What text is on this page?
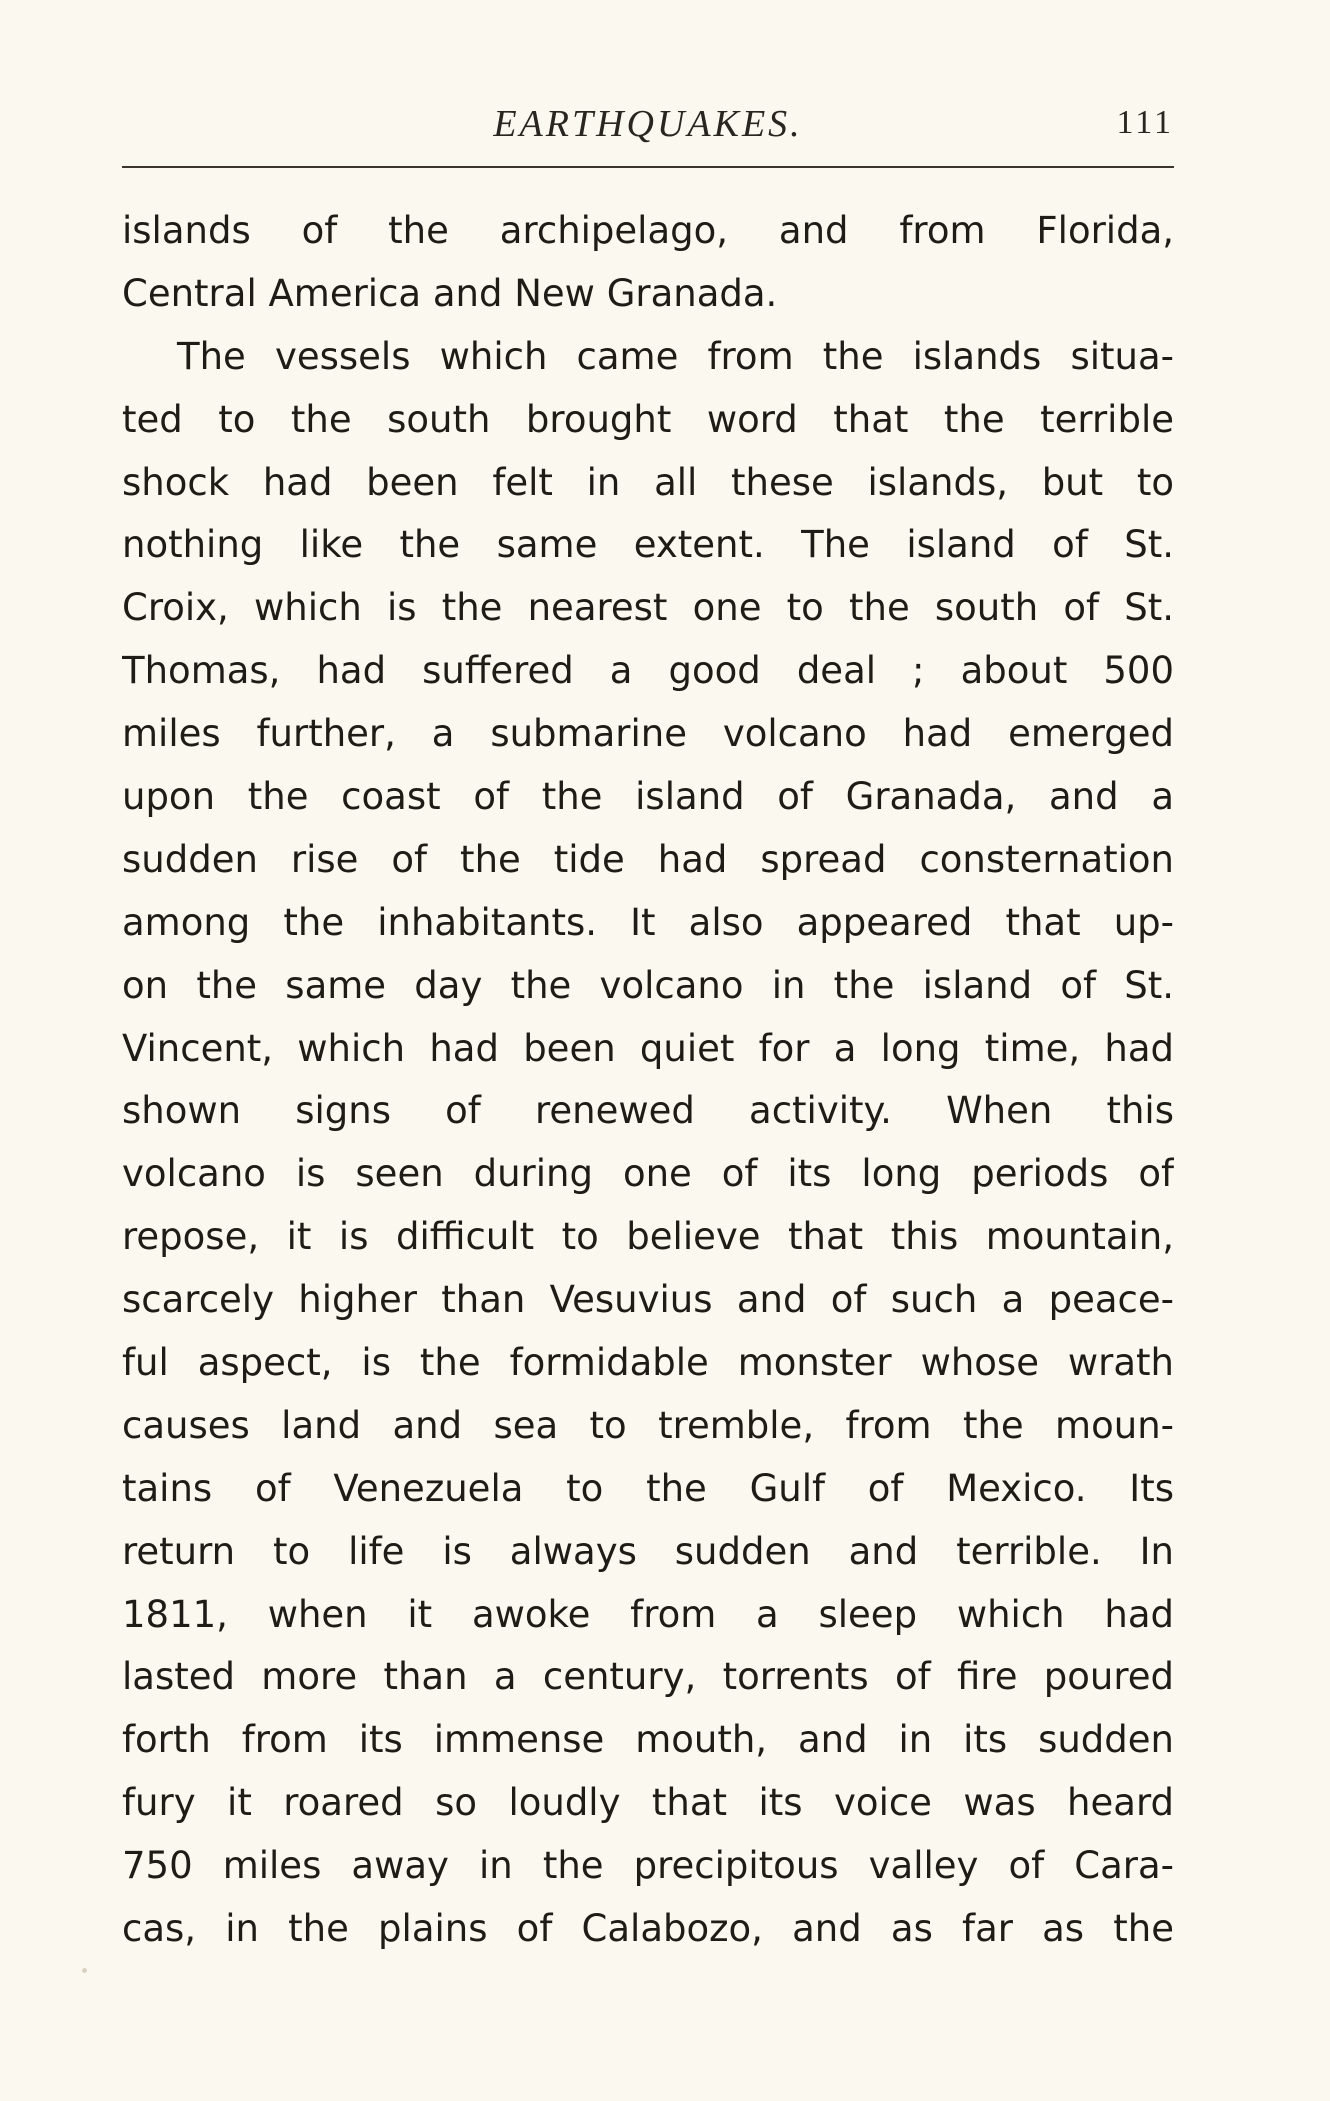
EARTHQUAKES.	111
islands of the archipelago, and from Florida,
Central America and New Granada.
The vessels which came from the islands situa-
ted to the south brought word that the terrible
shock had been felt in all these islands, but to
nothing like the same extent. The island of St.
Croix, which is the nearest one to the south of St.
Thomas, had suffered a good deal ; about 500
miles further, a submarine volcano had emerged
upon the coast of the island of Granada, and a
sudden rise of the tide had spread consternation
among the inhabitants. It also appeared that up-
on the same day the volcano in the island of St.
Vincent, which had been quiet for a long time, had
shown signs of renewed activity. When this
volcano is seen during one of its long periods of
repose, it is difficult to believe that this mountain,
scarcely higher than Vesuvius and of such a peace-
ful aspect, is the formidable monster whose wrath
causes land and sea to tremble, from the moun-
tains of Venezuela to the Gulf of Mexico. Its
return to life is always sudden and terrible. In
1811, when it awoke from a sleep which had
lasted more than a century, torrents of fire poured
forth from its immense mouth, and in its sudden
fury it roared so loudly that its voice was heard
750 miles away in the precipitous valley of Cara-
cas, in the plains of Calabozo, and as far as the
